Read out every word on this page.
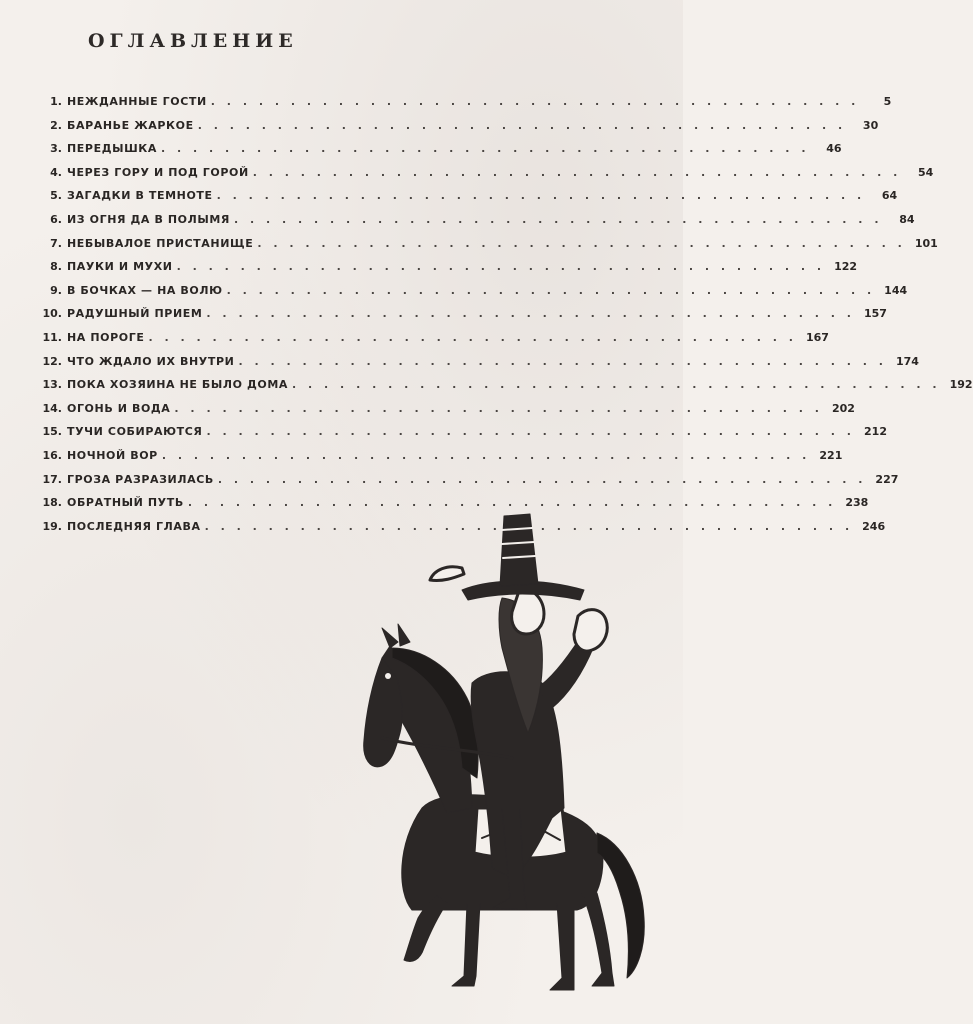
ОГЛАВЛЕНИЕ
1. НЕЖДАННЫЕ ГОСТИ . . .	5
2. БАРАНЬЕ ЖАРКОЕ . . .	30
3. ПЕРЕДЫШКА . . .	46
4. ЧЕРЕЗ ГОРУ И ПОД ГОРОЙ . . .	54
5. ЗАГАДКИ В ТЕМНОТЕ . . .	64
6. ИЗ ОГНЯ ДА В ПОЛЫМЯ . . .	84
7. НЕБЫВАЛОЕ ПРИСТАНИЩЕ . . .	101
8. ПАУКИ И МУХИ . . .	122
9. В БОЧКАХ — НА ВОЛЮ . . .	144
10. РАДУШНЫЙ ПРИЕМ . . .	157
11. НА ПОРОГЕ . . .	167
12. ЧТО ЖДАЛО ИХ ВНУТРИ . . .	174
13. ПОКА ХОЗЯИНА НЕ БЫЛО ДОМА . . .	192
14. ОГОНЬ И ВОДА . . .	202
15. ТУЧИ СОБИРАЮТСЯ . . .	212
16. НОЧНОЙ ВОР . . .	221
17. ГРОЗА РАЗРАЗИЛАСЬ . . .	227
18. ОБРАТНЫЙ ПУТЬ . . .	238
19. ПОСЛЕДНЯЯ ГЛАВА . . .	246
